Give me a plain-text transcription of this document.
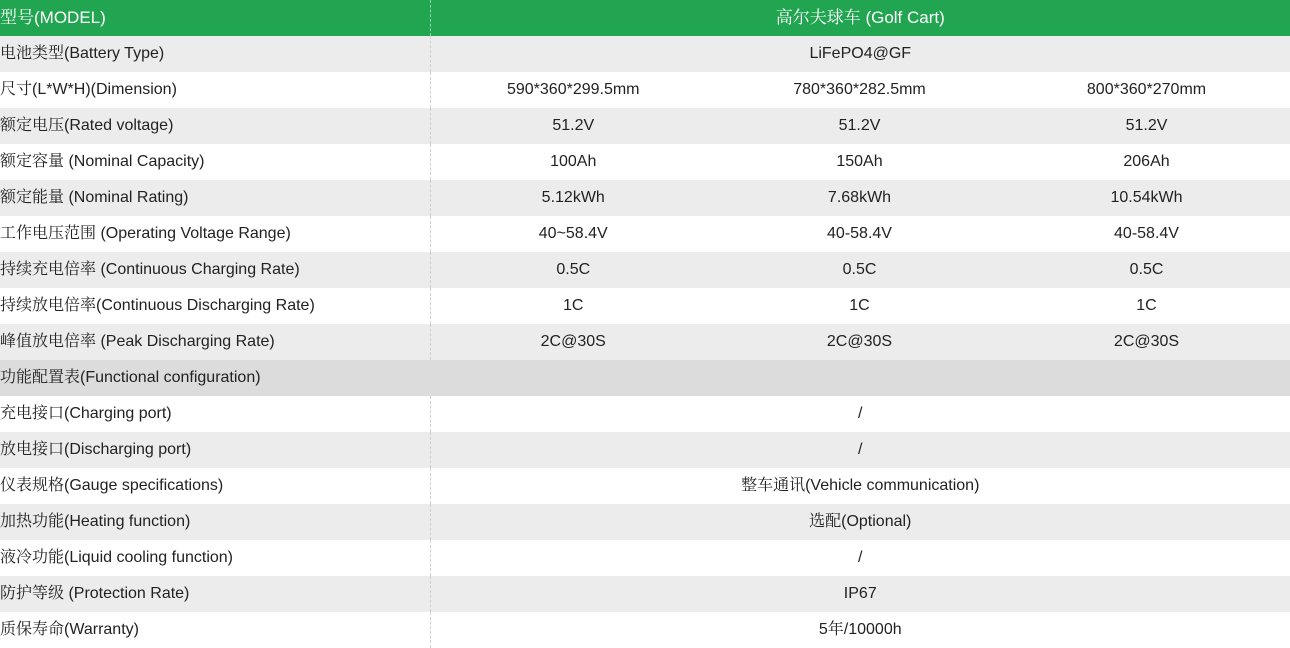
型号(MODEL)	高尔夫球车 (Golf Cart)		
电池类型(Battery Type)	LiFePO4@GF		
尺寸(L*W*H)(Dimension)	590*360*299.5mm	780*360*282.5mm	800*360*270mm
额定电压(Rated voltage)	51.2V	51.2V	51.2V
额定容量 (Nominal Capacity)	100Ah	150Ah	206Ah
额定能量 (Nominal Rating)	5.12kWh	7.68kWh	10.54kWh
工作电压范围 (Operating Voltage Range)	40~58.4V	40-58.4V	40-58.4V
持续充电倍率 (Continuous Charging Rate)	0.5C	0.5C	0.5C
持续放电倍率(Continuous Discharging Rate)	1C	1C	1C
峰值放电倍率 (Peak Discharging Rate)	2C@30S	2C@30S	2C@30S
功能配置表(Functional configuration)			
充电接口(Charging port)	/		
放电接口(Discharging port)	/		
仪表规格(Gauge specifications)	整车通讯(Vehicle communication)		
加热功能(Heating function)	选配(Optional)		
液冷功能(Liquid cooling function)	/		
防护等级 (Protection Rate)	IP67		
质保寿命(Warranty)	5年/10000h		
